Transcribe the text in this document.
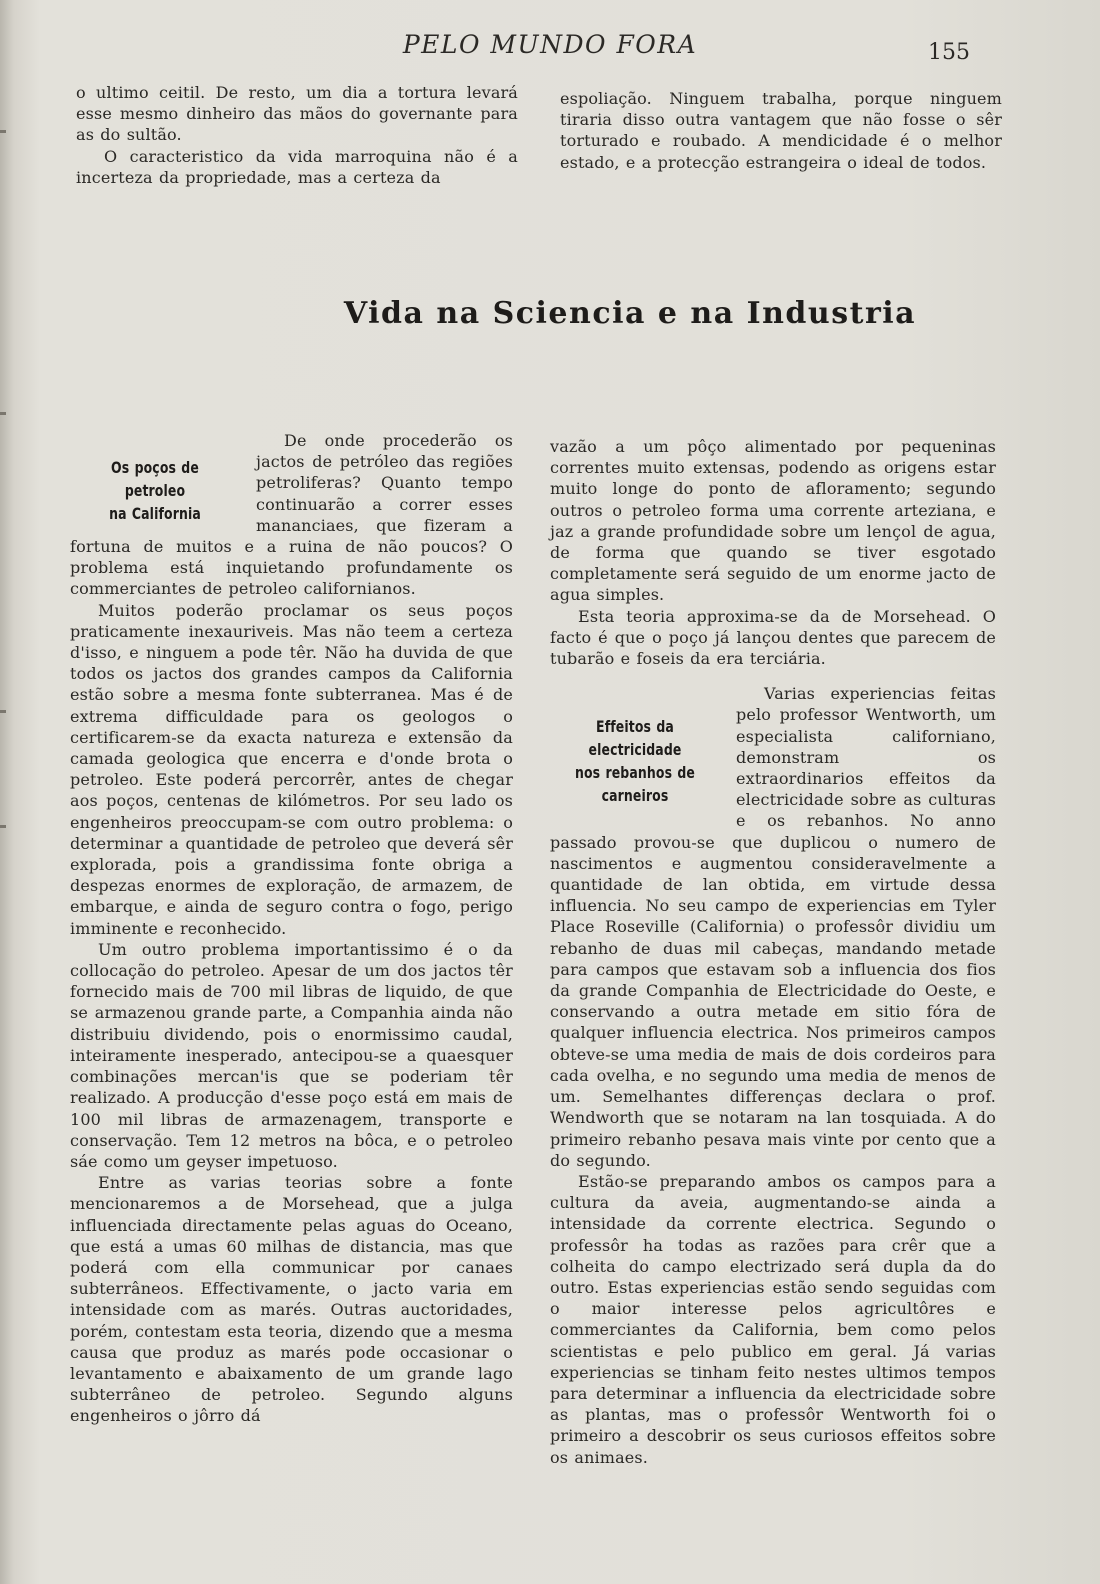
PELO MUNDO FORA	155

o ultimo ceitil. De resto, um dia a tortura levará esse mesmo dinheiro das mãos do governante para as do sultão.

O caracteristico da vida marroquina não é a incerteza da propriedade, mas a certeza da

espoliação. Ninguem trabalha, porque ninguem tiraria disso outra vantagem que não fosse o sêr torturado e roubado. A mendicidade é o melhor estado, e a protecção estrangeira o ideal de todos.

Vida na Sciencia e na Industria
Os poços de petroleo
na California

De onde procederão os jactos de petróleo das regiões petroliferas? Quanto tempo continuarão a correr esses mananciaes, que fizeram a fortuna de muitos e a ruina de não poucos? O problema está inquietando profundamente os commerciantes de petroleo californianos.

Muitos poderão proclamar os seus poços praticamente inexauriveis. Mas não teem a certeza d'isso, e ninguem a pode têr. Não ha duvida de que todos os jactos dos grandes campos da California estão sobre a mesma fonte subterranea. Mas é de extrema difficuldade para os geologos o certificarem-se da exacta natureza e extensão da camada geologica que encerra e d'onde brota o petroleo. Este poderá percorrêr, antes de chegar aos poços, centenas de kilómetros. Por seu lado os engenheiros preoccupam-se com outro problema: o determinar a quantidade de petroleo que deverá sêr explorada, pois a grandissima fonte obriga a despezas enormes de exploração, de armazem, de embarque, e ainda de seguro contra o fogo, perigo imminente e reconhecido.

Um outro problema importantissimo é o da collocação do petroleo. Apesar de um dos jactos têr fornecido mais de 700 mil libras de liquido, de que se armazenou grande parte, a Companhia ainda não distribuiu dividendo, pois o enormissimo caudal, inteiramente inesperado, antecipou-se a quaesquer combinações mercan'is que se poderiam têr realizado. A producção d'esse poço está em mais de 100 mil libras de armazenagem, transporte e conservação. Tem 12 metros na bôca, e o petroleo sáe como um geyser impetuoso.

Entre as varias teorias sobre a fonte mencionaremos a de Morsehead, que a julga influenciada directamente pelas aguas do Oceano, que está a umas 60 milhas de distancia, mas que poderá com ella communicar por canaes subterrâneos. Effectivamente, o jacto varia em intensidade com as marés. Outras auctoridades, porém, contestam esta teoria, dizendo que a mesma causa que produz as marés pode occasionar o levantamento e abaixamento de um grande lago subterrâneo de petroleo. Segundo alguns engenheiros o jôrro dá

vazão a um pôço alimentado por pequeninas correntes muito extensas, podendo as origens estar muito longe do ponto de afloramento; segundo outros o petroleo forma uma corrente arteziana, e jaz a grande profundidade sobre um lençol de agua, de forma que quando se tiver esgotado completamente será seguido de um enorme jacto de agua simples.

Esta teoria approxima-se da de Morsehead. O facto é que o poço já lançou dentes que parecem de tubarão e foseis da era terciária.

Effeitos da electricidade
nos rebanhos de carneiros

Varias experiencias feitas pelo professor Wentworth, um especialista californiano, demonstram os extraordinarios effeitos da electricidade sobre as culturas e os rebanhos. No anno passado provou-se que duplicou o numero de nascimentos e augmentou consideravelmente a quantidade de lan obtida, em virtude dessa influencia. No seu campo de experiencias em Tyler Place Roseville (California) o professôr dividiu um rebanho de duas mil cabeças, mandando metade para campos que estavam sob a influencia dos fios da grande Companhia de Electricidade do Oeste, e conservando a outra metade em sitio fóra de qualquer influencia electrica. Nos primeiros campos obteve-se uma media de mais de dois cordeiros para cada ovelha, e no segundo uma media de menos de um. Semelhantes differenças declara o prof. Wendworth que se notaram na lan tosquiada. A do primeiro rebanho pesava mais vinte por cento que a do segundo.

Estão-se preparando ambos os campos para a cultura da aveia, augmentando-se ainda a intensidade da corrente electrica. Segundo o professôr ha todas as razões para crêr que a colheita do campo electrizado será dupla da do outro. Estas experiencias estão sendo seguidas com o maior interesse pelos agricultôres e commerciantes da California, bem como pelos scientistas e pelo publico em geral. Já varias experiencias se tinham feito nestes ultimos tempos para determinar a influencia da electricidade sobre as plantas, mas o professôr Wentworth foi o primeiro a descobrir os seus curiosos effeitos sobre os animaes.
